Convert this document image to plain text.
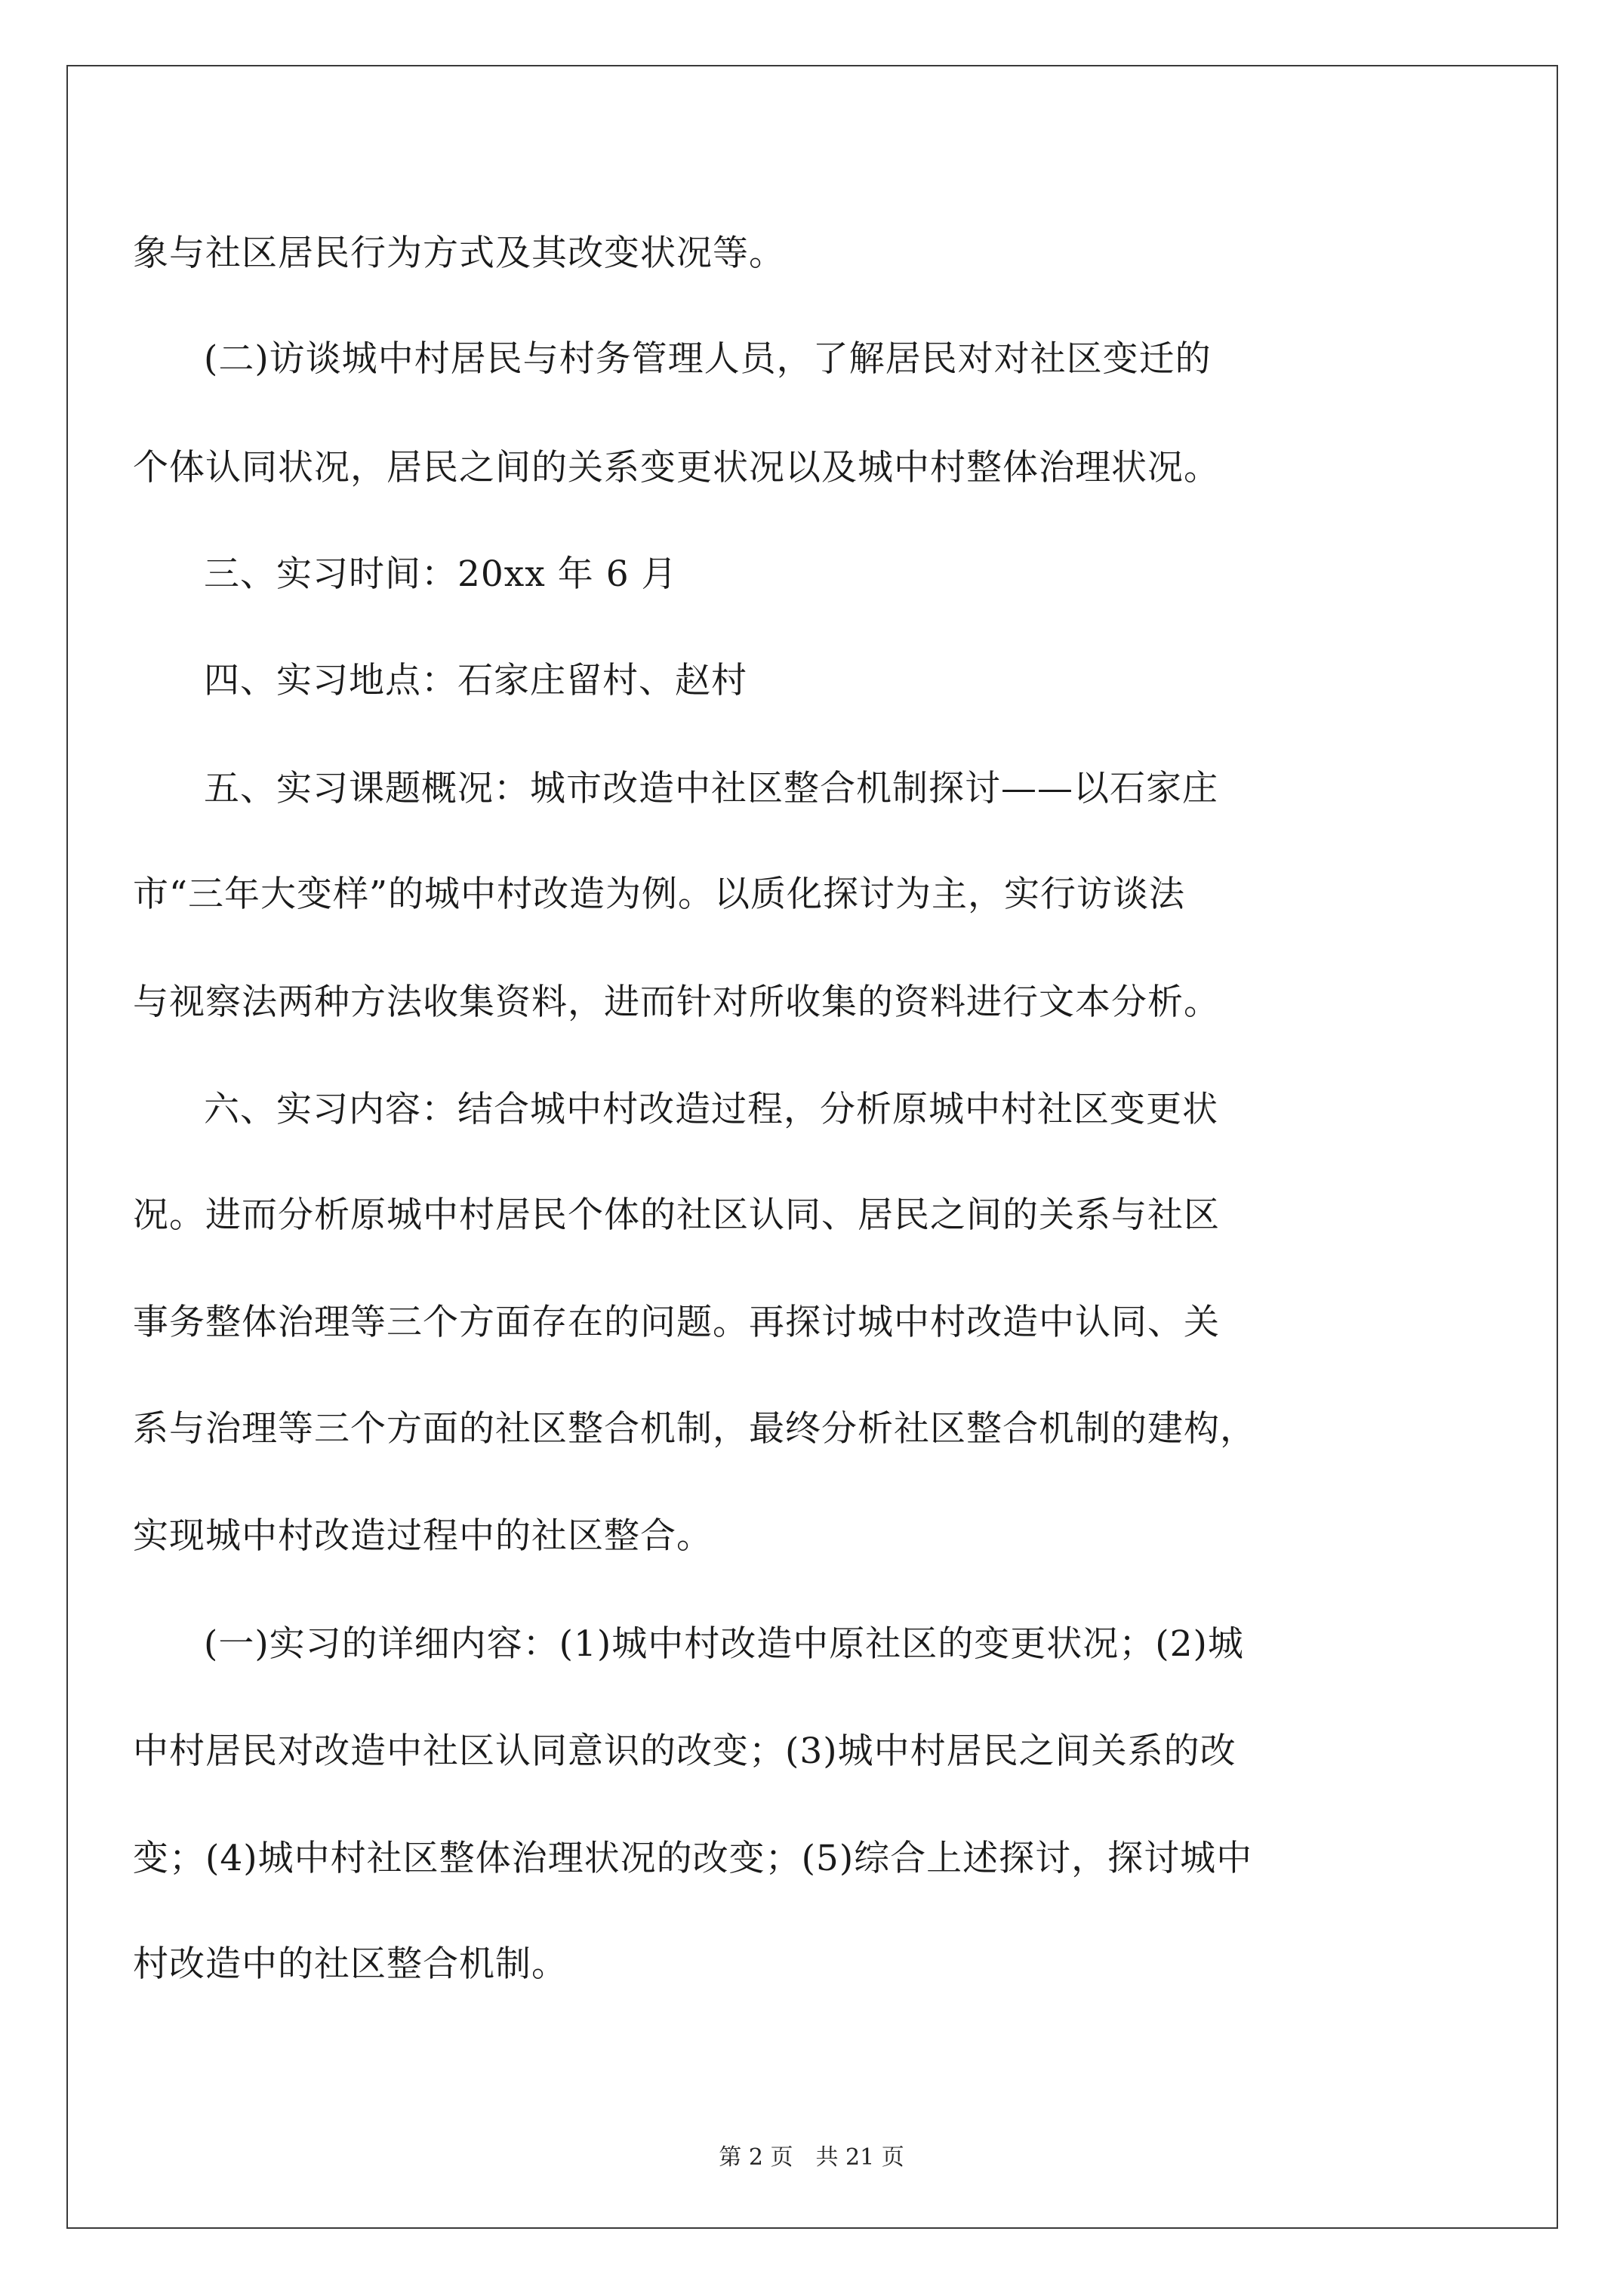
象与社区居民行为方式及其改变状况等。
(二)访谈城中村居民与村务管理人员，了解居民对对社区变迁的
个体认同状况，居民之间的关系变更状况以及城中村整体治理状况。
三、实习时间：20xx 年 6 月
四、实习地点：石家庄留村、赵村
五、实习课题概况：城市改造中社区整合机制探讨——以石家庄
市“三年大变样”的城中村改造为例。以质化探讨为主，实行访谈法
与视察法两种方法收集资料，进而针对所收集的资料进行文本分析。
六、实习内容：结合城中村改造过程，分析原城中村社区变更状
况。进而分析原城中村居民个体的社区认同、居民之间的关系与社区
事务整体治理等三个方面存在的问题。再探讨城中村改造中认同、关
系与治理等三个方面的社区整合机制，最终分析社区整合机制的建构，
实现城中村改造过程中的社区整合。
(一)实习的详细内容：(1)城中村改造中原社区的变更状况；(2)城
中村居民对改造中社区认同意识的改变；(3)城中村居民之间关系的改
变；(4)城中村社区整体治理状况的改变；(5)综合上述探讨，探讨城中
村改造中的社区整合机制。
第 2 页　共 21 页
